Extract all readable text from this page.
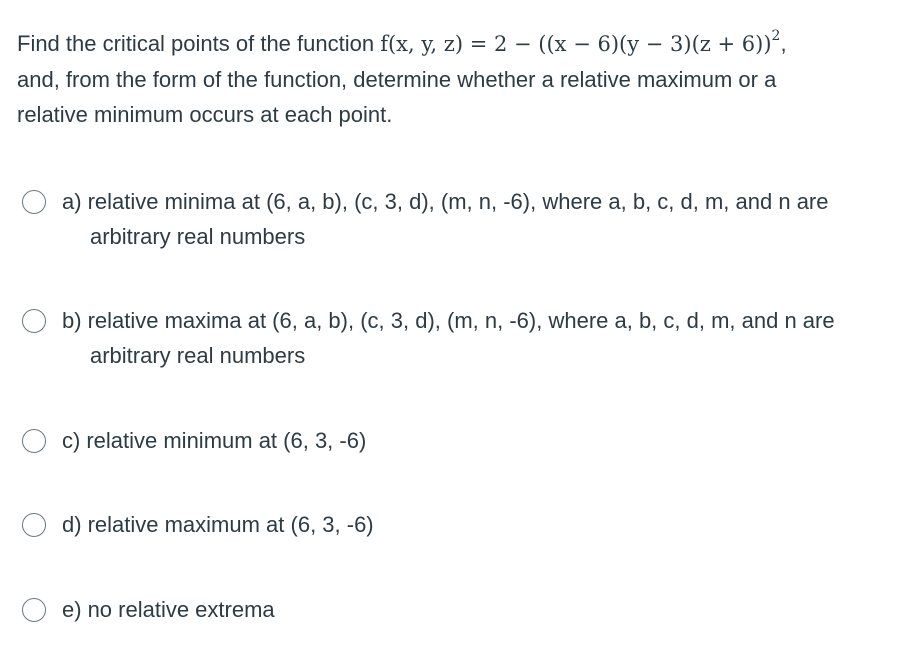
Find the critical points of the function f(x, y, $z) = 2 - ((x - 6)(y - 3)(z + 6))^2$,
and, from the form of the function, determine whether a relative maximum or a
relative minimum occurs at each point.
a) relative minima at (6, a, b), (c, 3, d), (m, n, -6), where a, b, c, d, m, and n are
arbitrary real numbers
b) relative maxima at (6, a, b), (c, 3, d), (m, n, -6), where a, b, c, d, m, and n are
arbitrary real numbers
c) relative minimum at (6, 3, -6)
d) relative maximum at (6, 3, -6)
e) no relative extrema
